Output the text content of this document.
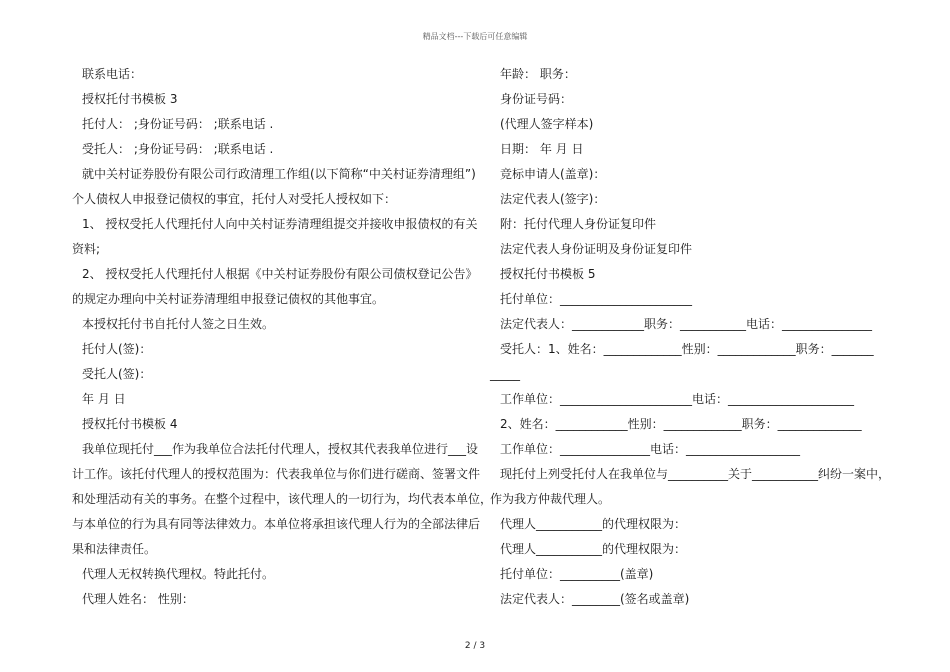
精品文档---下载后可任意编辑
联系电话：
授权托付书模板 3
托付人： ;身份证号码： ;联系电话 .
受托人： ;身份证号码： ;联系电话 .
就中关村证券股份有限公司行政清理工作组(以下简称“中关村证券清理组”)
个人债权人申报登记债权的事宜，托付人对受托人授权如下：
1、 授权受托人代理托付人向中关村证券清理组提交并接收申报债权的有关
资料;
2、 授权受托人代理托付人根据《中关村证券股份有限公司债权登记公告》
的规定办理向中关村证券清理组申报登记债权的其他事宜。
本授权托付书自托付人签之日生效。
托付人(签)：
受托人(签)：
年 月 日
授权托付书模板 4
我单位现托付___作为我单位合法托付代理人，授权其代表我单位进行___设
计工作。该托付代理人的授权范围为：代表我单位与你们进行磋商、签署文件
和处理活动有关的事务。在整个过程中，该代理人的一切行为，均代表本单位，
与本单位的行为具有同等法律效力。本单位将承担该代理人行为的全部法律后
果和法律责任。
代理人无权转换代理权。特此托付。
代理人姓名： 性别：
年龄： 职务：
身份证号码：
(代理人签字样本)
日期： 年 月 日
竞标申请人(盖章)：
法定代表人(签字)：
附：托付代理人身份证复印件
法定代表人身份证明及身份证复印件
授权托付书模板 5
托付单位：______________________
法定代表人：____________职务：___________电话：_______________
受托人：1、姓名：_____________性别：_____________职务：_______
_____
工作单位：______________________电话：_____________________
2、姓名：____________性别：_____________职务：______________
工作单位：_______________电话：___________________
现托付上列受托付人在我单位与__________关于___________纠纷一案中，
作为我方仲裁代理人。
代理人___________的代理权限为：
代理人___________的代理权限为：
托付单位：__________(盖章)
法定代表人：________(签名或盖章)
2 / 3
